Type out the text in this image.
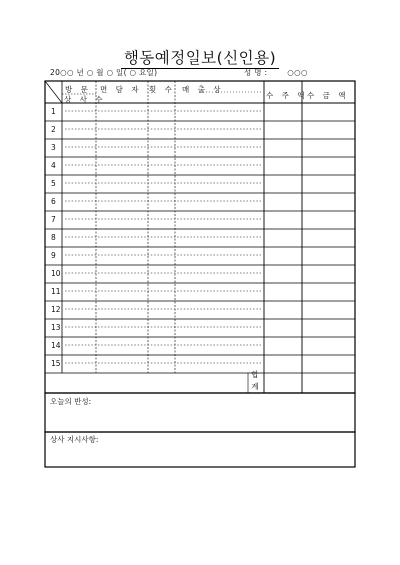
행동예정일보(신인용)
20○○ 년 ○ 월 ○ 일( ○ 요일)	성 명 :	○○○
방 문
상 사 수
면 담 자 횟 수 매 출 상
수 주 액 수 금 액
합
계
오늘의 반성:
상사 지시사항:
1
2
3
4
5
6
7
8
9
10
11
12
13
14
15
